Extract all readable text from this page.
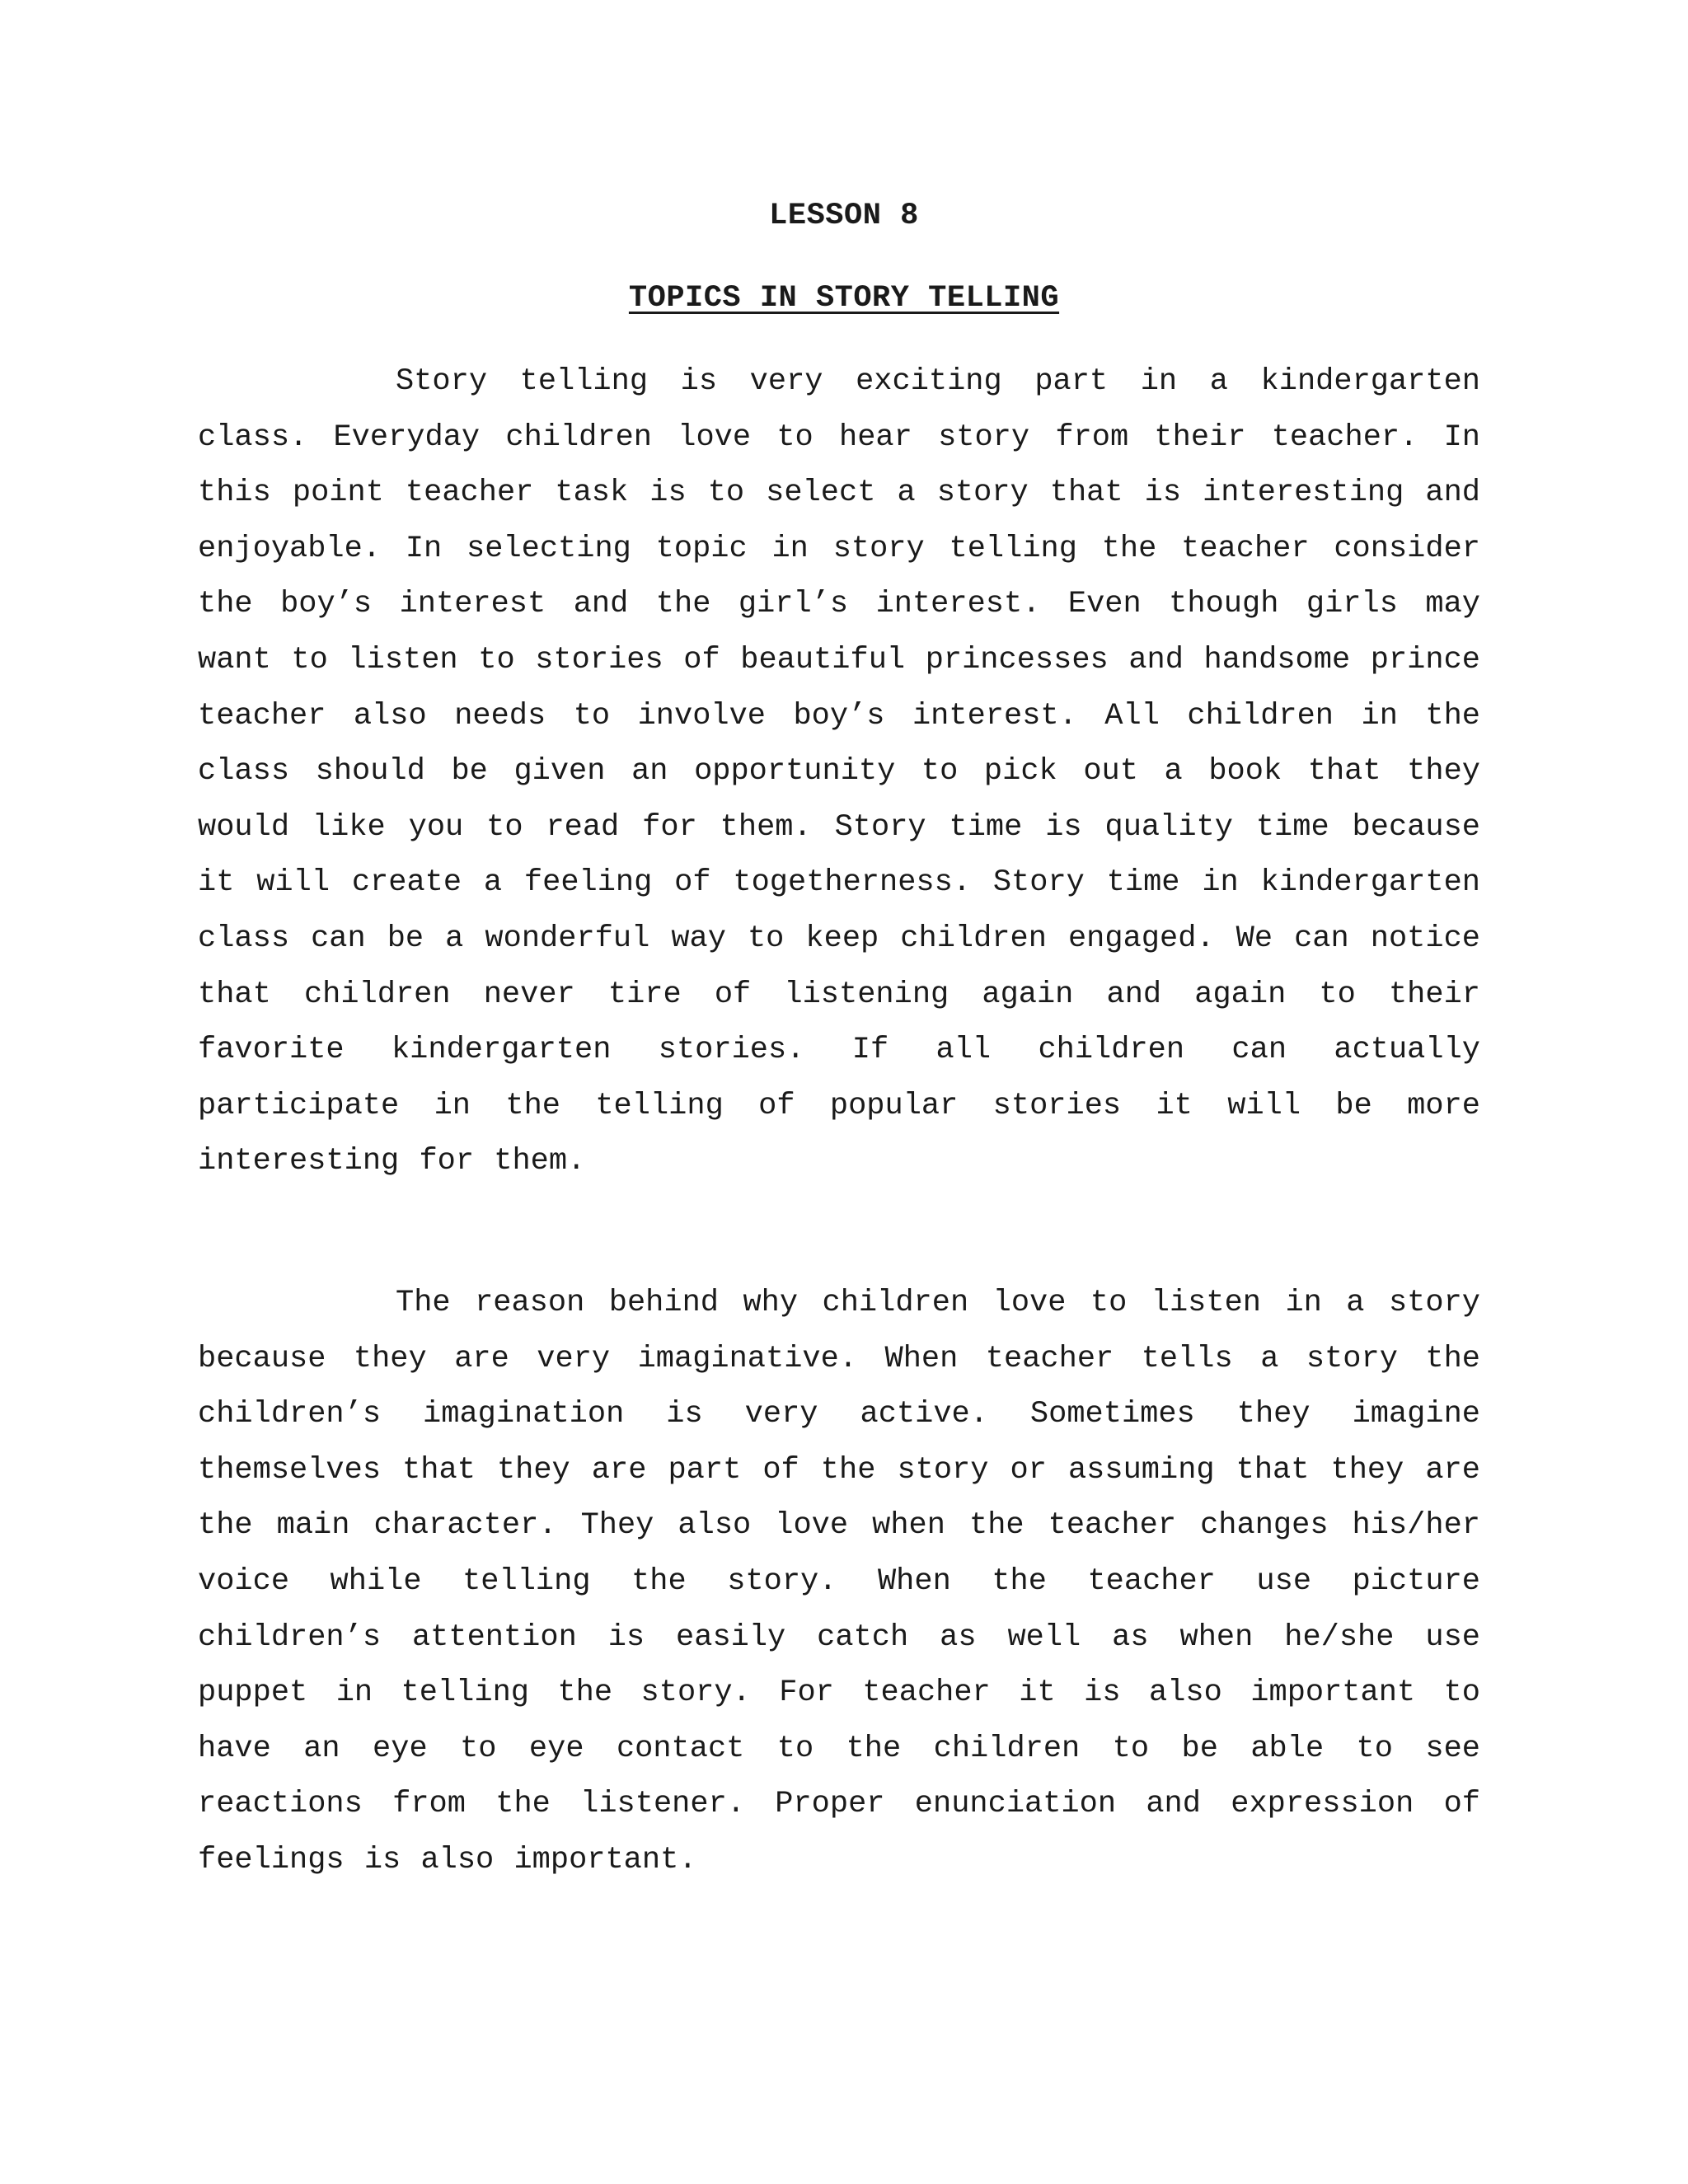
LESSON 8
TOPICS IN STORY TELLING

Story telling is very exciting part in a kindergarten class. Everyday children love to hear story from their teacher. In this point teacher task is to select a story that is interesting and enjoyable. In selecting topic in story telling the teacher consider the boy’s interest and the girl’s interest. Even though girls may want to listen to stories of beautiful princesses and handsome prince teacher also needs to involve boy’s interest. All children in the class should be given an opportunity to pick out a book that they would like you to read for them. Story time is quality time because it will create a feeling of togetherness. Story time in kindergarten class can be a wonderful way to keep children engaged. We can notice that children never tire of listening again and again to their favorite kindergarten stories. If all children can actually participate in the telling of popular stories it will be more interesting for them.

The reason behind why children love to listen in a story because they are very imaginative. When teacher tells a story the children’s imagination is very active. Sometimes they imagine themselves that they are part of the story or assuming that they are the main character. They also love when the teacher changes his/her voice while telling the story. When the teacher use picture children’s attention is easily catch as well as when he/she use puppet in telling the story. For teacher it is also important to have an eye to eye contact to the children to be able to see reactions from the listener. Proper enunciation and expression of feelings is also important.
